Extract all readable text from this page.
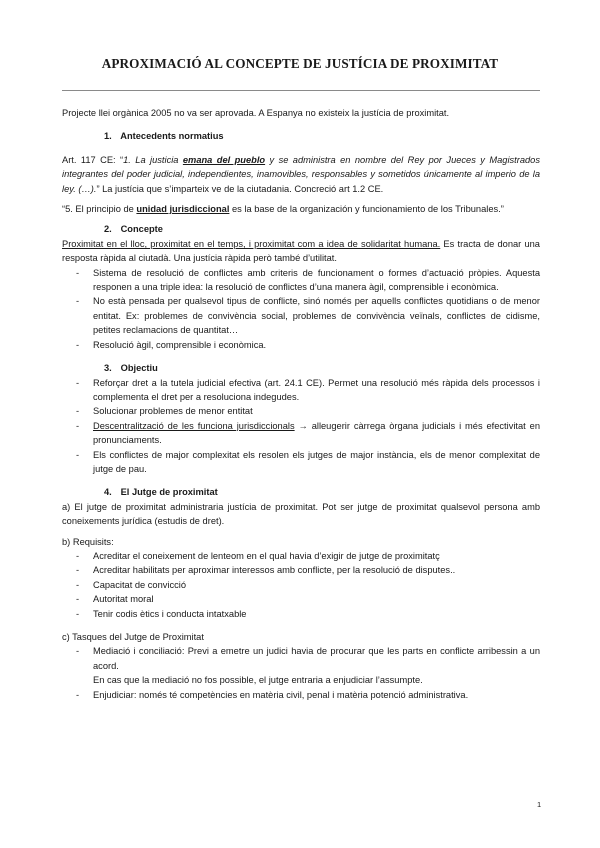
APROXIMACIÓ AL CONCEPTE DE JUSTÍCIA DE PROXIMITAT

Projecte llei orgànica 2005 no va ser aprovada. A Espanya no existeix la justícia de proximitat.

1. Antecedents normatius

Art. 117 CE: “1. La justicia emana del pueblo y se administra en nombre del Rey por Jueces y Magistrados integrantes del poder judicial, independientes, inamovibles, responsables y sometidos únicamente al imperio de la ley. (…).” La justícia que s’imparteix ve de la ciutadania. Concreció art 1.2 CE.

“5. El principio de unidad jurisdiccional es la base de la organización y funcionamiento de los Tribunales.”

2. Concepte

Proximitat en el lloc, proximitat en el temps, i proximitat com a idea de solidaritat humana. Es tracta de donar una resposta ràpida al ciutadà. Una justícia ràpida però també d’utilitat.

- Sistema de resolució de conflictes amb criteris de funcionament o formes d’actuació pròpies. Aquesta responen a una triple idea: la resolució de conflictes d’una manera àgil, comprensible i econòmica.
- No està pensada per qualsevol tipus de conflicte, sinó només per aquells conflictes quotidians o de menor entitat. Ex: problemes de convivència social, problemes de convivència veïnals, conflictes de cidisme, petites reclamacions de quantitat…
- Resolució àgil, comprensible i econòmica.
3. Objectiu
- Reforçar dret a la tutela judicial efectiva (art. 24.1 CE). Permet una resolució més ràpida dels processos i complementa el dret per a resoluciona indegudes.
- Solucionar problemes de menor entitat
- Descentralització de les funciona jurisdiccionals → alleugerir càrrega òrgana judicials i més efectivitat en pronunciaments.
- Els conflictes de major complexitat els resolen els jutges de major instància, els de menor complexitat de jutge de pau.
4. El Jutge de proximitat

a) El jutge de proximitat administraria justícia de proximitat. Pot ser jutge de proximitat qualsevol persona amb coneixements jurídica (estudis de dret).

b) Requisits:

- Acreditar el coneixement de lenteom en el qual havia d’exigir de jutge de proximitatç
- Acreditar habilitats per aproximar interessos amb conflicte, per la resolució de disputes..
- Capacitat de convicció
- Autoritat moral
- Tenir codis ètics i conducta intatxable

c) Tasques del Jutge de Proximitat

- Mediació i conciliació: Previ a emetre un judici havia de procurar que les parts en conflicte arribessin a un acord.
En cas que la mediació no fos possible, el jutge entraria a enjudiciar l’assumpte.
- Enjudiciar: només té competències en matèria civil, penal i matèria potenció administrativa.
1
